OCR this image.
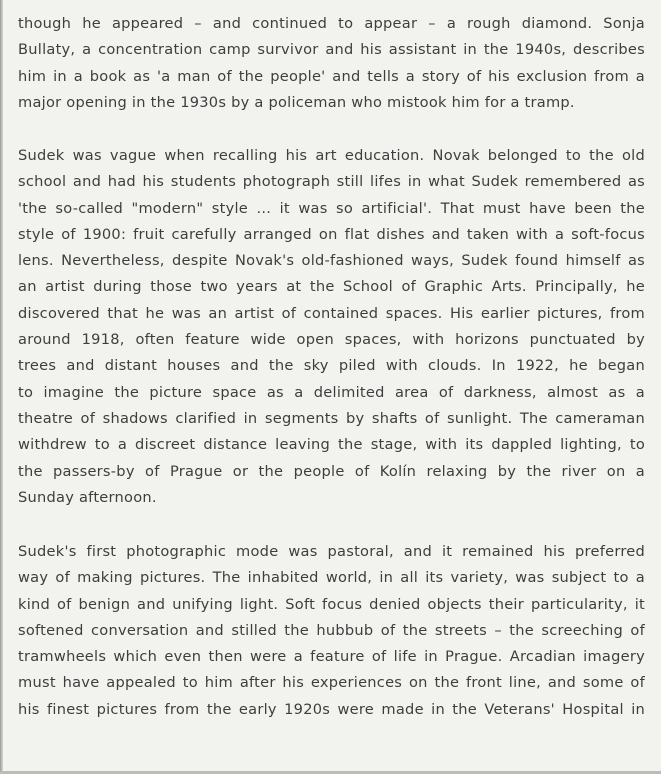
though he appeared – and continued to appear – a rough diamond. Sonja
Bullaty, a concentration camp survivor and his assistant in the 1940s, describes
him in a book as 'a man of the people' and tells a story of his exclusion from a
major opening in the 1930s by a policeman who mistook him for a tramp.
Sudek was vague when recalling his art education. Novak belonged to the old
school and had his students photograph still lifes in what Sudek remembered as
'the so-called "modern" style ... it was so artificial'. That must have been the
style of 1900: fruit carefully arranged on flat dishes and taken with a soft-focus
lens. Nevertheless, despite Novak's old-fashioned ways, Sudek found himself as
an artist during those two years at the School of Graphic Arts. Principally, he
discovered that he was an artist of contained spaces. His earlier pictures, from
around 1918, often feature wide open spaces, with horizons punctuated by
trees and distant houses and the sky piled with clouds. In 1922, he began
to imagine the picture space as a delimited area of darkness, almost as a
theatre of shadows clarified in segments by shafts of sunlight. The cameraman
withdrew to a discreet distance leaving the stage, with its dappled lighting, to
the passers-by of Prague or the people of Kolín relaxing by the river on a
Sunday afternoon.
Sudek's first photographic mode was pastoral, and it remained his preferred
way of making pictures. The inhabited world, in all its variety, was subject to a
kind of benign and unifying light. Soft focus denied objects their particularity, it
softened conversation and stilled the hubbub of the streets – the screeching of
tramwheels which even then were a feature of life in Prague. Arcadian imagery
must have appealed to him after his experiences on the front line, and some of
his finest pictures from the early 1920s were made in the Veterans' Hospital in
